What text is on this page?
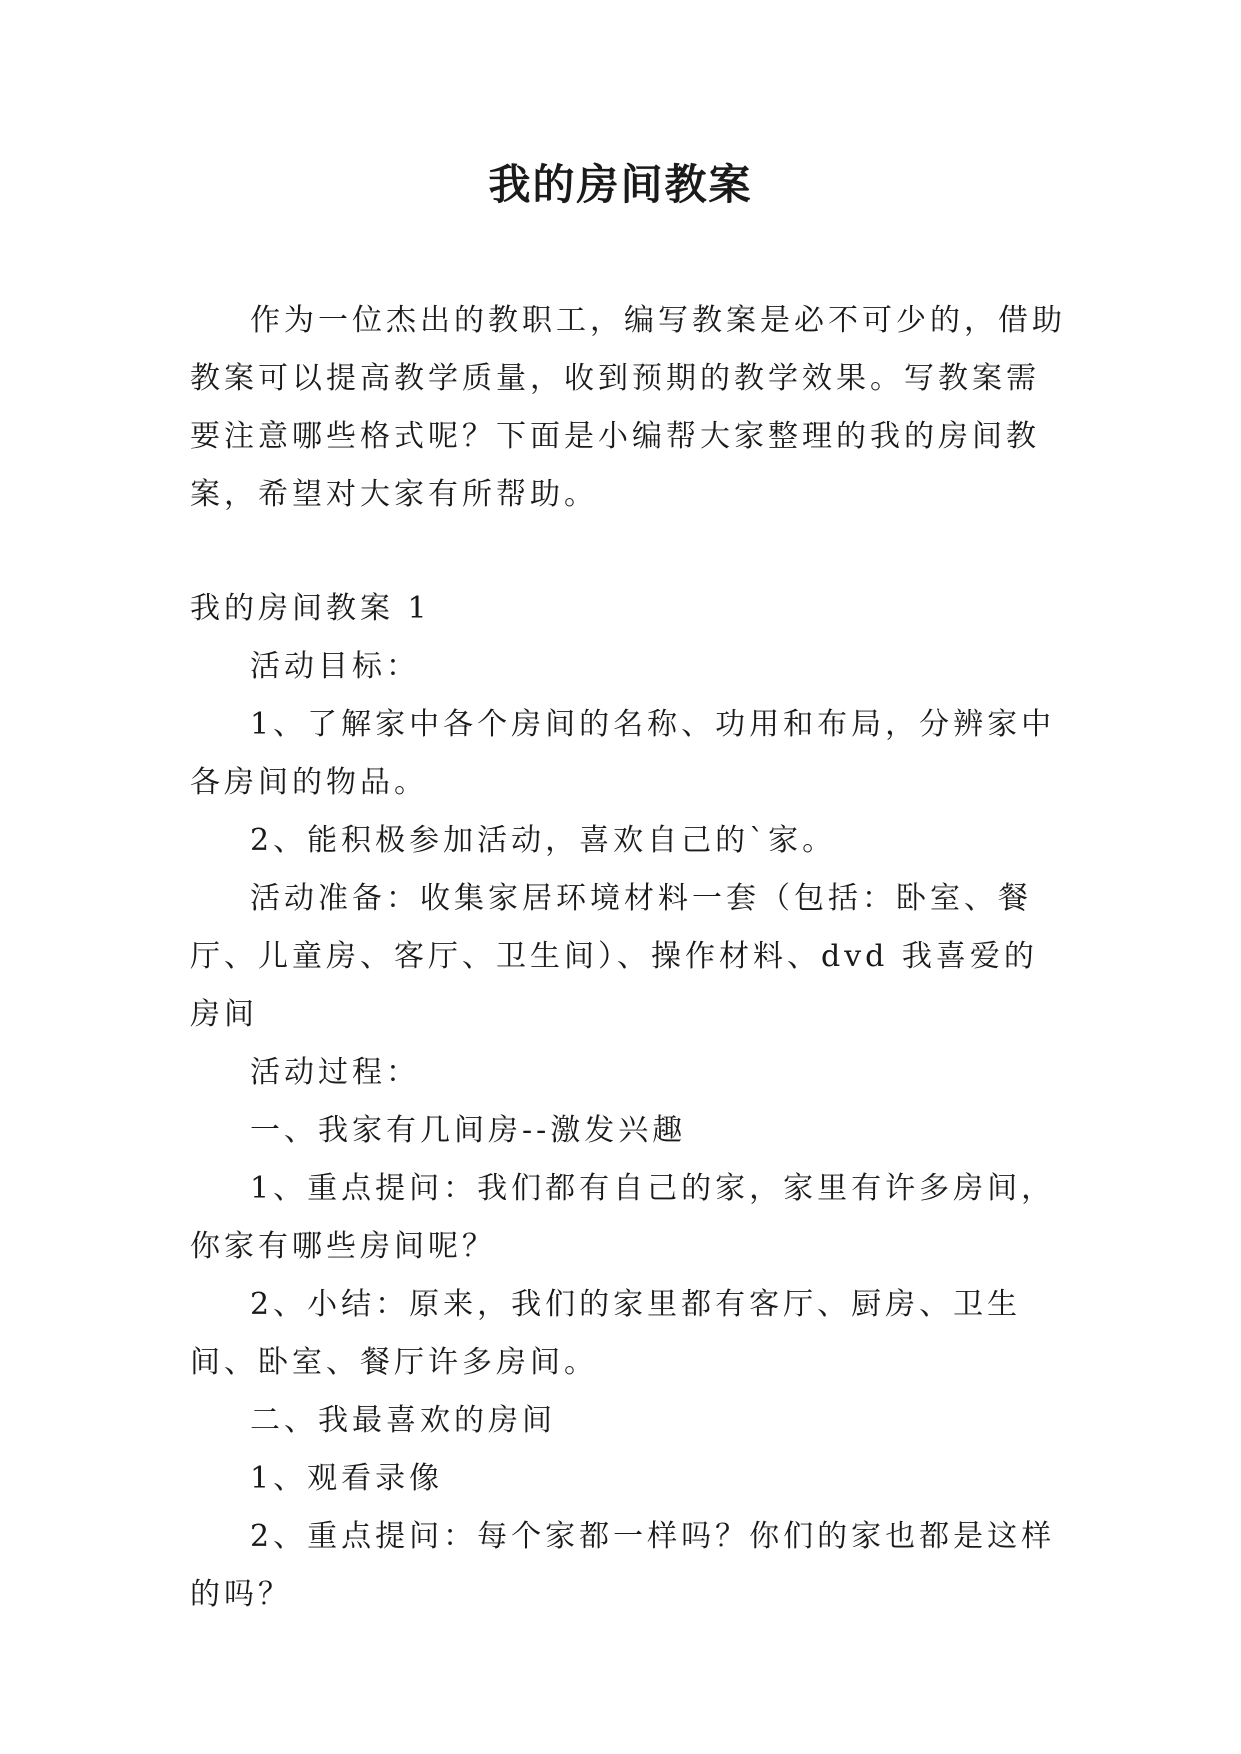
我的房间教案

作为一位杰出的教职工，编写教案是必不可少的，借助教案可以提高教学质量，收到预期的教学效果。写教案需要注意哪些格式呢？下面是小编帮大家整理的我的房间教案，希望对大家有所帮助。

我的房间教案 1

活动目标：

1、了解家中各个房间的名称、功用和布局，分辨家中各房间的物品。

2、能积极参加活动，喜欢自己的`家。

活动准备：收集家居环境材料一套（包括：卧室、餐厅、儿童房、客厅、卫生间）、操作材料、dvd 我喜爱的房间

活动过程：

一、我家有几间房--激发兴趣

1、重点提问：我们都有自己的家，家里有许多房间，你家有哪些房间呢？

2、小结：原来，我们的家里都有客厅、厨房、卫生间、卧室、餐厅许多房间。

二、我最喜欢的房间

1、观看录像

2、重点提问：每个家都一样吗？你们的家也都是这样的吗？
